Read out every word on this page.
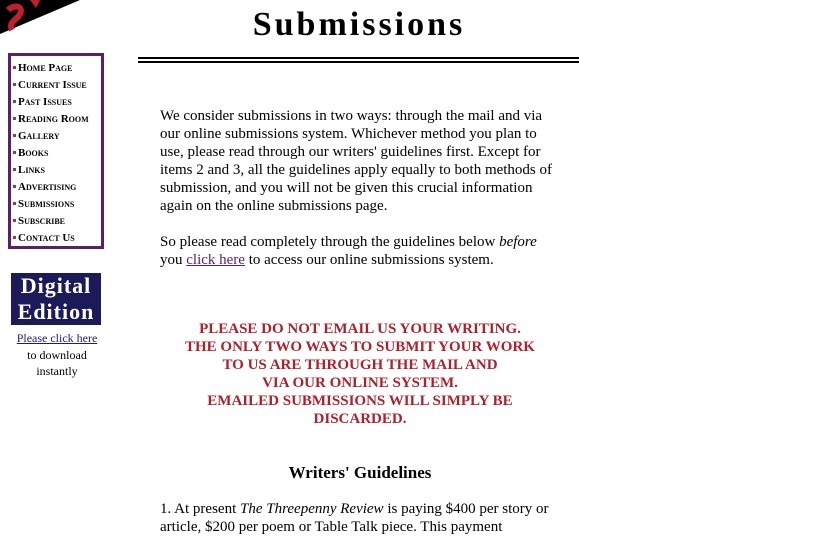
Submissions
Home Page
Current Issue
Past Issues
Reading Room
Gallery
Books
Links
Advertising
Submissions
Subscribe
Contact Us
Digital
Edition
Please click here
to download
instantly

We consider submissions in two ways: through the mail and via our online submissions system. Whichever method you plan to use, please read through our writers' guidelines first. Except for items 2 and 3, all the guidelines apply equally to both methods of submission, and you will not be given this crucial information again on the online submissions page.

So please read completely through the guidelines below before you click here to access our online submissions system.

PLEASE DO NOT EMAIL US YOUR WRITING.
THE ONLY TWO WAYS TO SUBMIT YOUR WORK
TO US ARE THROUGH THE MAIL AND
VIA OUR ONLINE SYSTEM.
EMAILED SUBMISSIONS WILL SIMPLY BE
DISCARDED.
Writers' Guidelines

1. At present The Threepenny Review is paying $400 per story or article, $200 per poem or Table Talk piece. This payment
